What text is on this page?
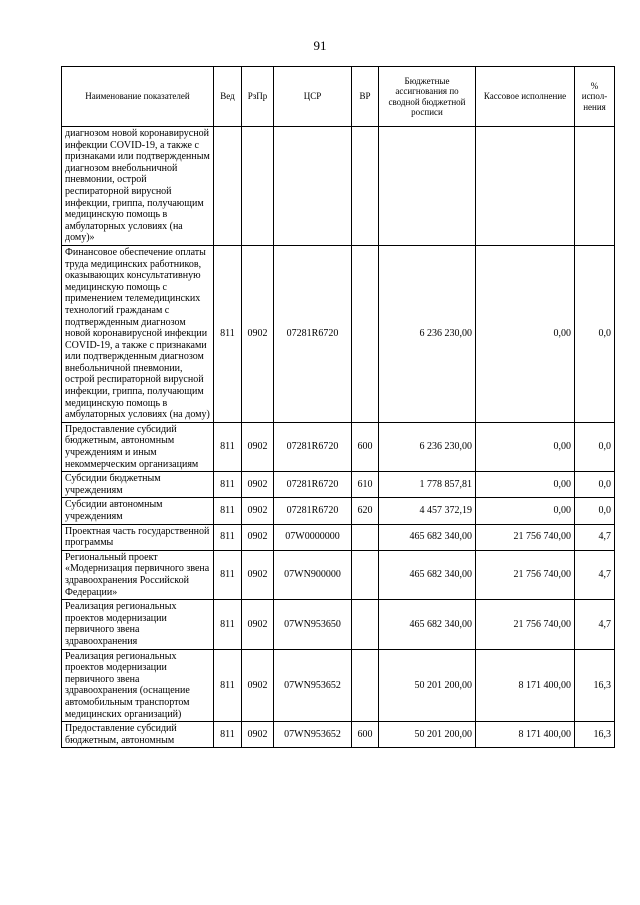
91
Наименование показателей	Вед	РзПр	ЦСР	ВР	Бюджетные ассигнования по сводной бюджетной росписи	Кассовое исполнение	% испол- нения
диагнозом новой коронавирусной инфекции COVID-19, а также с признаками или подтвержденным диагнозом внебольничной пневмонии, острой респираторной вирусной инфекции, гриппа, получающим медицинскую помощь в амбулаторных условиях (на дому)»							
Финансовое обеспечение оплаты труда медицинских работников, оказывающих консультативную медицинскую помощь с применением телемедицинских технологий гражданам с подтвержденным диагнозом новой коронавирусной инфекции COVID-19, а также с признаками или подтвержденным диагнозом внебольничной пневмонии, острой респираторной вирусной инфекции, гриппа, получающим медицинскую помощь в амбулаторных условиях (на дому)	811	0902	07281R6720		6 236 230,00	0,00	0,0
Предоставление субсидий бюджетным, автономным учреждениям и иным некоммерческим организациям	811	0902	07281R6720	600	6 236 230,00	0,00	0,0
Субсидии бюджетным учреждениям	811	0902	07281R6720	610	1 778 857,81	0,00	0,0
Субсидии автономным учреждениям	811	0902	07281R6720	620	4 457 372,19	0,00	0,0
Проектная часть государственной программы	811	0902	07W0000000		465 682 340,00	21 756 740,00	4,7
Региональный проект «Модернизация первичного звена здравоохранения Российской Федерации»	811	0902	07WN900000		465 682 340,00	21 756 740,00	4,7
Реализация региональных проектов модернизации первичного звена здравоохранения	811	0902	07WN953650		465 682 340,00	21 756 740,00	4,7
Реализация региональных проектов модернизации первичного звена здравоохранения (оснащение автомобильным транспортом медицинских организаций)	811	0902	07WN953652		50 201 200,00	8 171 400,00	16,3
Предоставление субсидий бюджетным, автономным	811	0902	07WN953652	600	50 201 200,00	8 171 400,00	16,3
